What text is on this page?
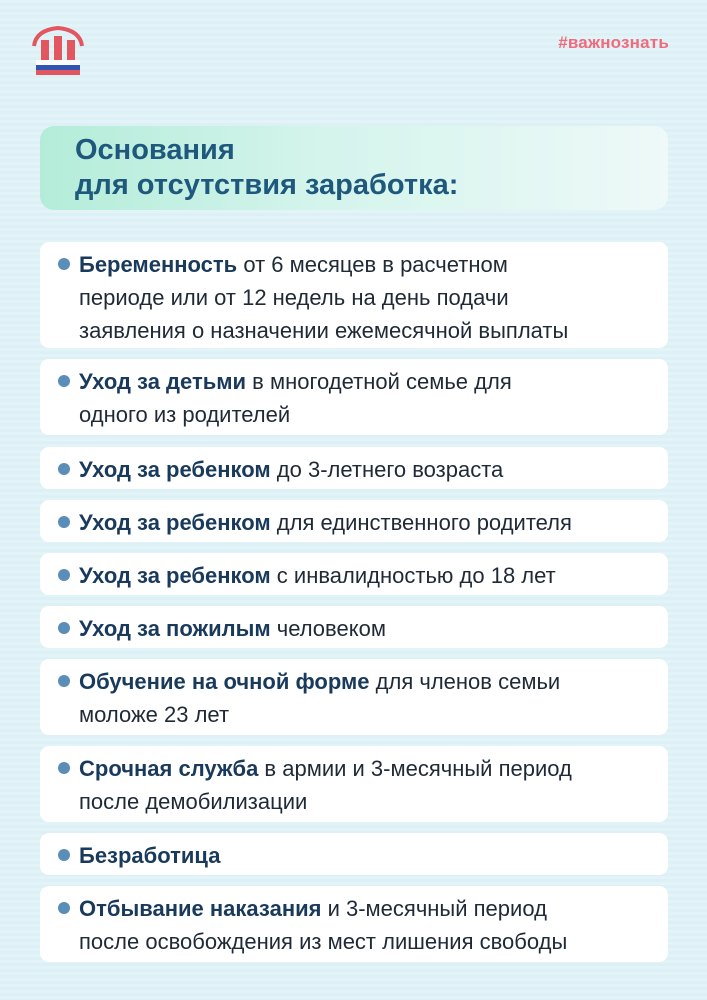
#важнознать
Основания
для отсутствия заработка:
Беременность от 6 месяцев в расчетном
периоде или от 12 недель на день подачи
заявления о назначении ежемесячной выплаты
Уход за детьми в многодетной семье для
одного из родителей
Уход за ребенком до 3-летнего возраста
Уход за ребенком для единственного родителя
Уход за ребенком с инвалидностью до 18 лет
Уход за пожилым человеком
Обучение на очной форме для членов семьи
моложе 23 лет
Срочная служба в армии и 3-месячный период
после демобилизации
Безработица
Отбывание наказания и 3-месячный период
после освобождения из мест лишения свободы
